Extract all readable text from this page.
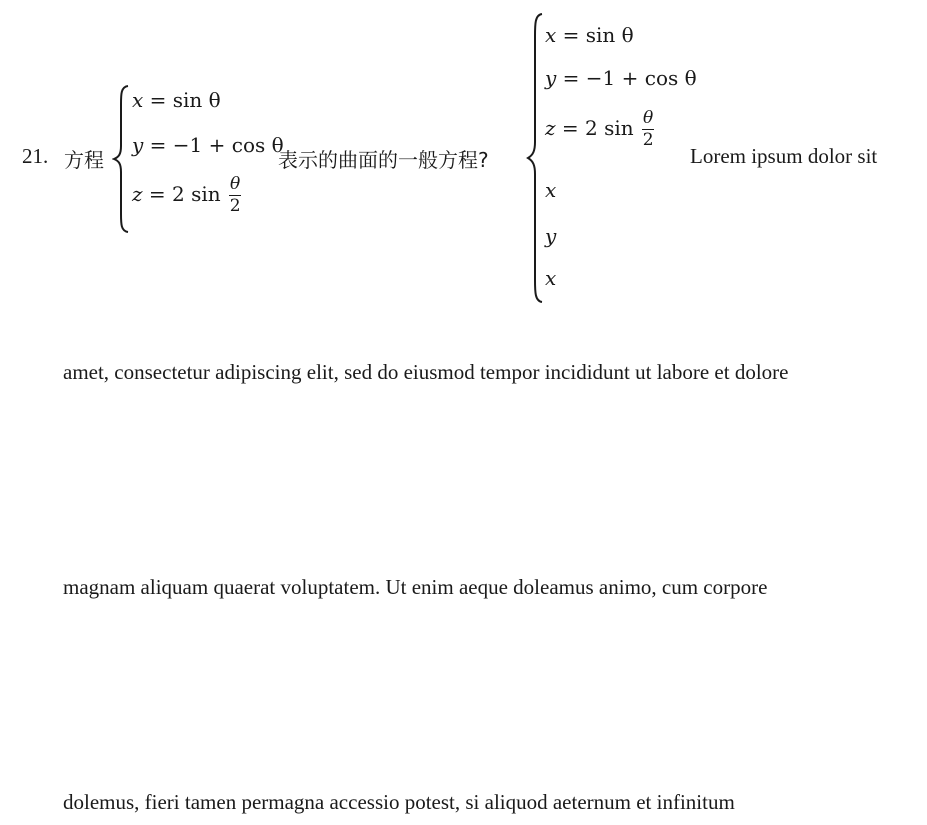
21. 方程
x = sin θ
y = −1 + cos θ
z = 2 $\sin \frac{\theta}{2}$
表示的曲面的一般方程?
x = sin θ
y = −1 + cos θ
z = 2 $\sin \frac{\theta}{2}$
x
y
x
Lorem ipsum dolor sit
amet, consectetur adipiscing elit, sed do eiusmod tempor incididunt ut labore et dolore
magnam aliquam quaerat voluptatem. Ut enim aeque doleamus animo, cum corpore
dolemus, fieri tamen permagna accessio potest, si aliquod aeternum et infinitum
